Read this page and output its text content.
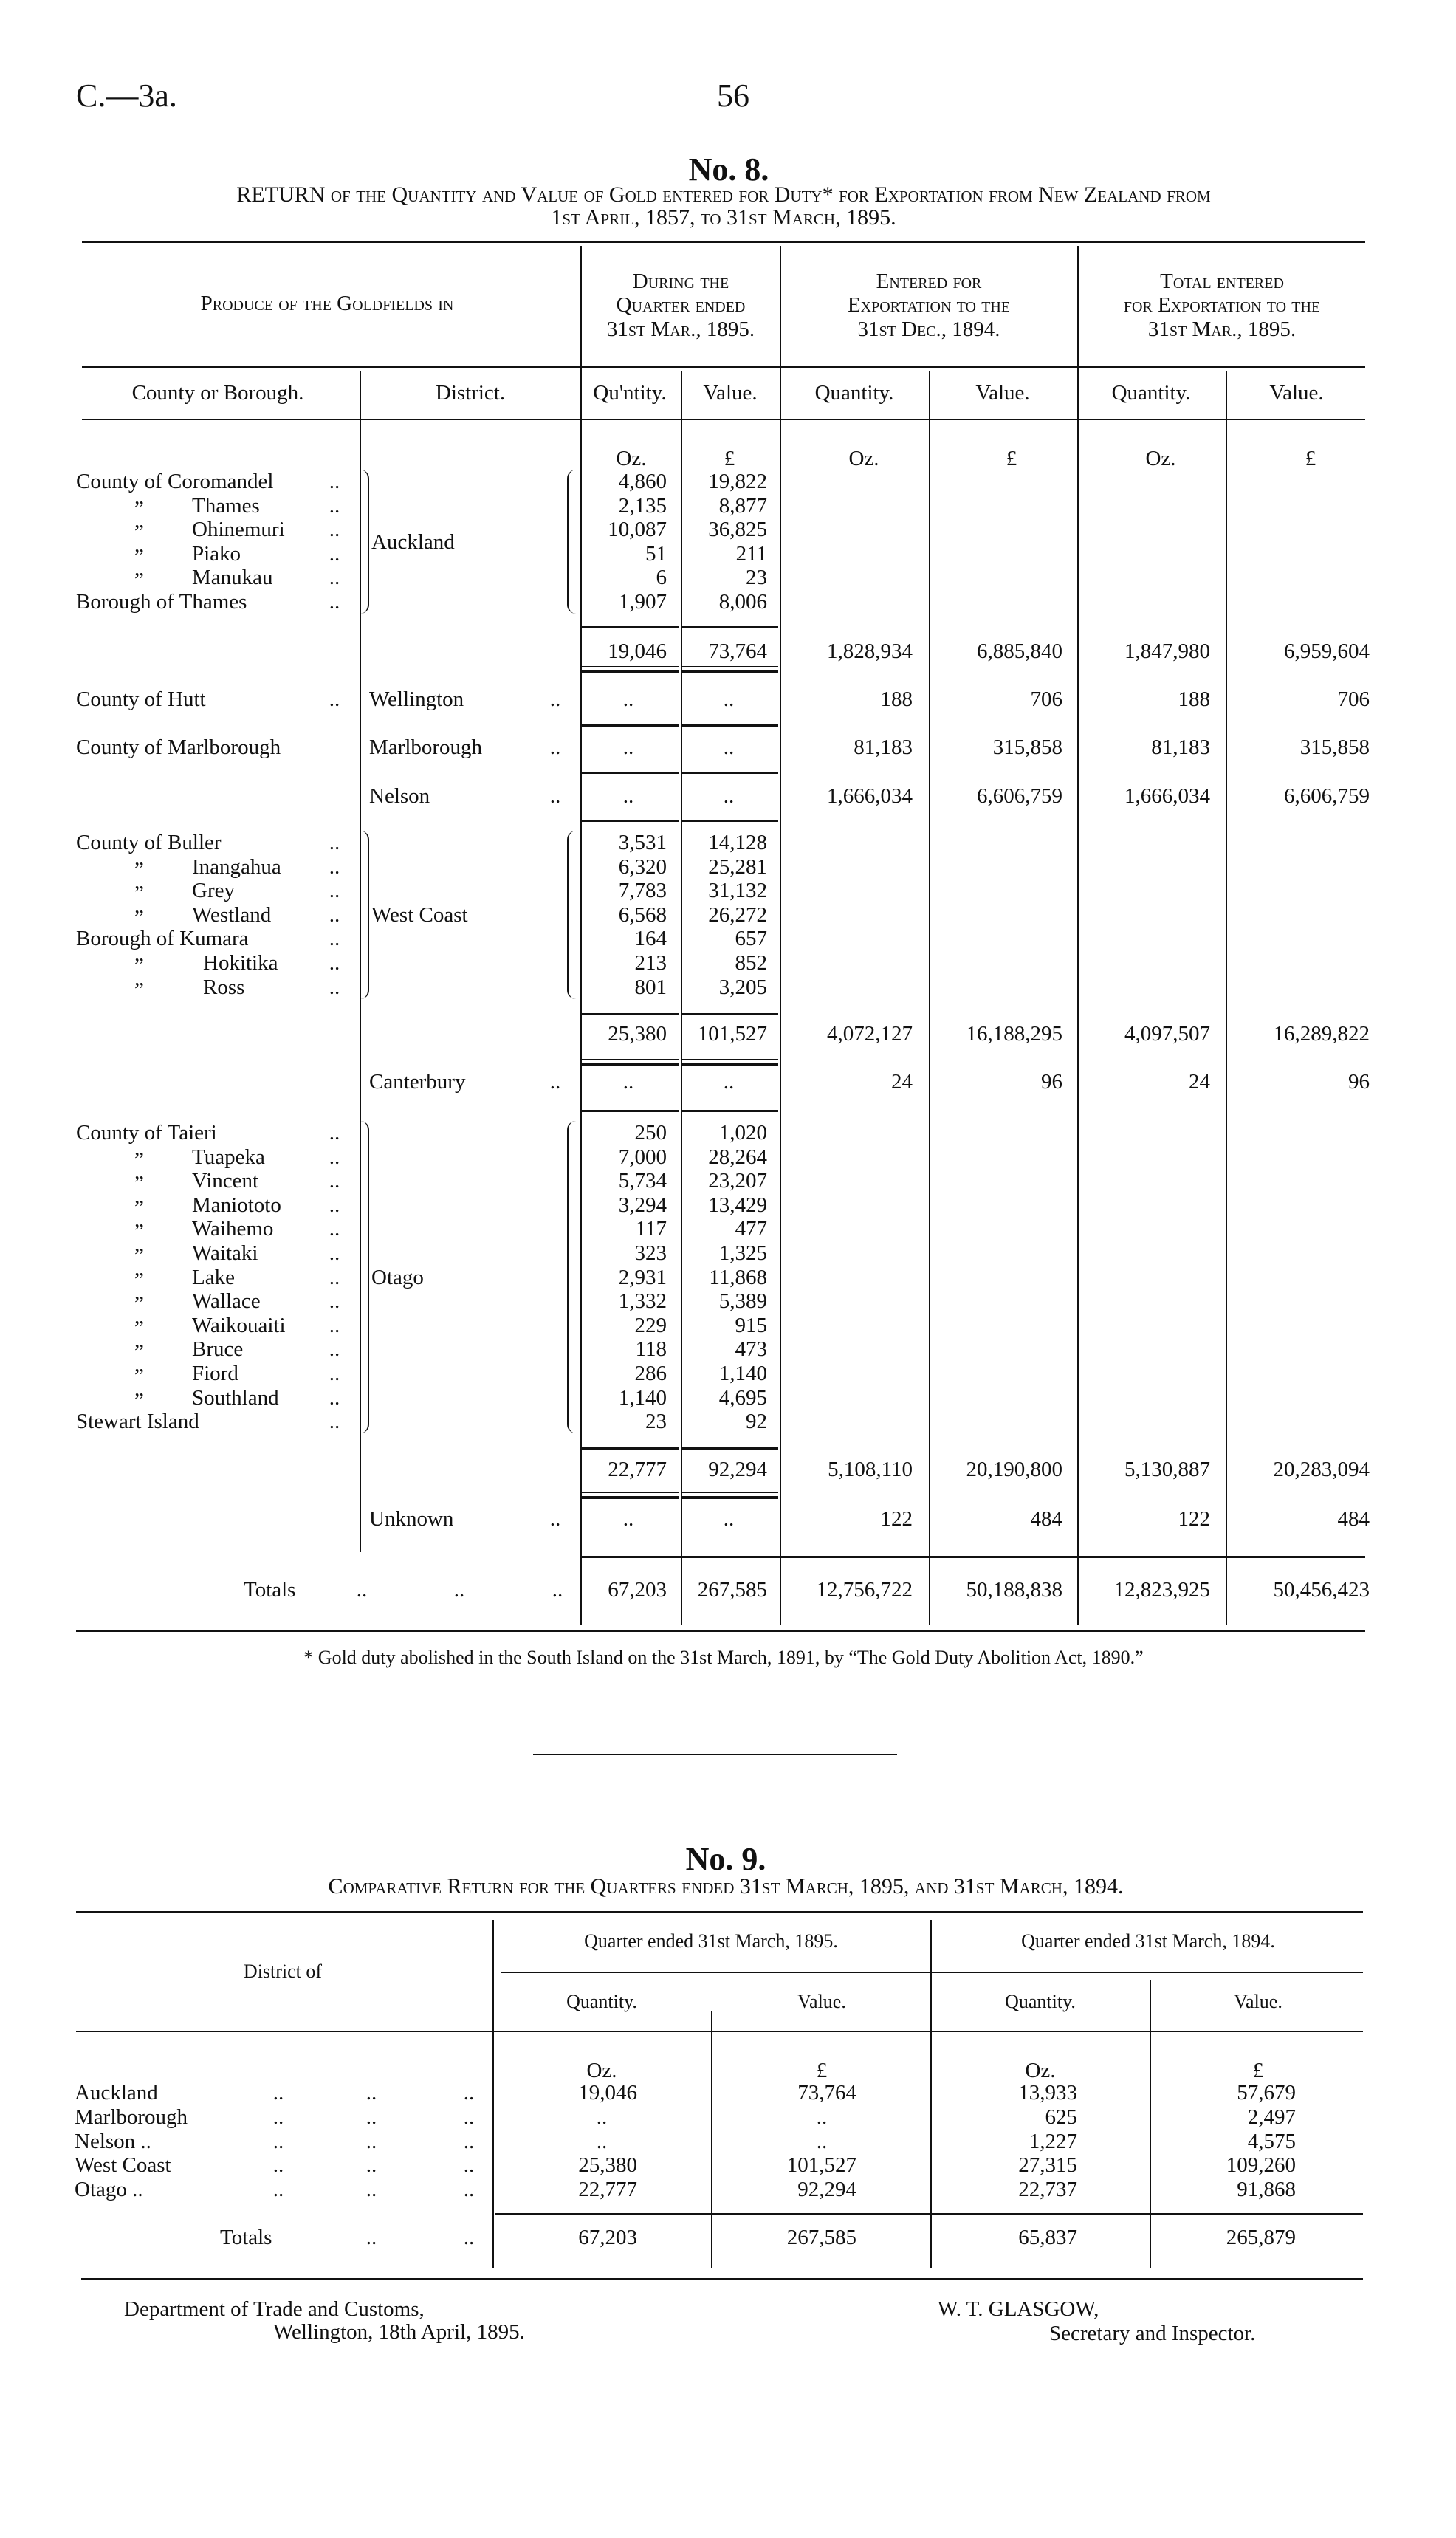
C.—3a.	56
No. 8.
RETURN of the Quantity and Value of Gold entered for Duty* for Exportation from New Zealand from
1st April, 1857, to 31st March, 1895.
Produce of the Goldfields in
During the	Entered for	Total entered
Quarter ended	Exportation to the	for Exportation to the
31st Mar., 1895.	31st Dec., 1894.	31st Mar., 1895.
County or Borough.	District.	Qu'ntity. Value.	Quantity.	Value.	Quantity.	Value.
Oz.	£	Oz.	£	Oz.	£
County of Coromandel	..	4,860 19,822
” Thames	..	2,135 8,877
” Ohinemuri ..	10,087 36,825
” Piako	..	51	211
” Manukau	..	6	23
Borough of Thames	..	1,907 8,006
Auckland
19,046 73,764	1,828,934	6,885,840	1,847,980	6,959,604
County of Hutt	.. Wellington	..	..	..	188	706	188	706
County of Marlborough	Marlborough	..	..	..	81,183	315,858	81,183	315,858
Nelson	..	..	..	1,666,034	6,606,759	1,666,034	6,606,759
County of Buller	..	3,531 14,128
” Inangahua ..	6,320 25,281
” Grey	..	7,783 31,132
” Westland	..	6,568 26,272
Borough of Kumara	..	164	657
”	Hokitika ..	213	852
”	Ross	..	801 3,205
West Coast
25,380 101,527	4,072,127	16,188,295	4,097,507	16,289,822
Canterbury	..	..	..	24	96	24	96
County of Taieri	..	250 1,020
” Tuapeka	..	7,000 28,264
” Vincent	..	5,734 23,207
” Maniototo ..	3,294 13,429
” Waihemo	..	117	477
” Waitaki	..	323 1,325
” Lake	..	2,931 11,868
” Wallace	..	1,332 5,389
” Waikouaiti ..	229	915
” Bruce	..	118	473
” Fiord	..	286 1,140
” Southland ..	1,140 4,695
Stewart Island	..	23	92
Otago
22,777 92,294	5,108,110	20,190,800	5,130,887	20,283,094
Unknown	..	..	..	122	484	122	484
Totals	..	..	.. 67,203 267,585 12,756,722	50,188,838 12,823,925	50,456,423
* Gold duty abolished in the South Island on the 31st March, 1891, by “The Gold Duty Abolition Act, 1890.”
No. 9.
Comparative Return for the Quarters ended 31st March, 1895, and 31st March, 1894.
District of
Quarter ended 31st March, 1895.	Quarter ended 31st March, 1894.
Quantity.	Value.	Quantity.	Value.
Oz.	£	Oz.	£
Auckland	..	..	..	19,046	73,764	13,933	57,679
Marlborough	..	..	..	..	..	625	2,497
Nelson ..	..	..	..	..	..	1,227	4,575
West Coast	..	..	..	25,380	101,527	27,315	109,260
Otago ..	..	..	..	22,777	92,294	22,737	91,868
Totals	..	..	67,203	267,585	65,837	265,879
Department of Trade and Customs,
Wellington, 18th April, 1895.
W. T. GLASGOW,
Secretary and Inspector.
